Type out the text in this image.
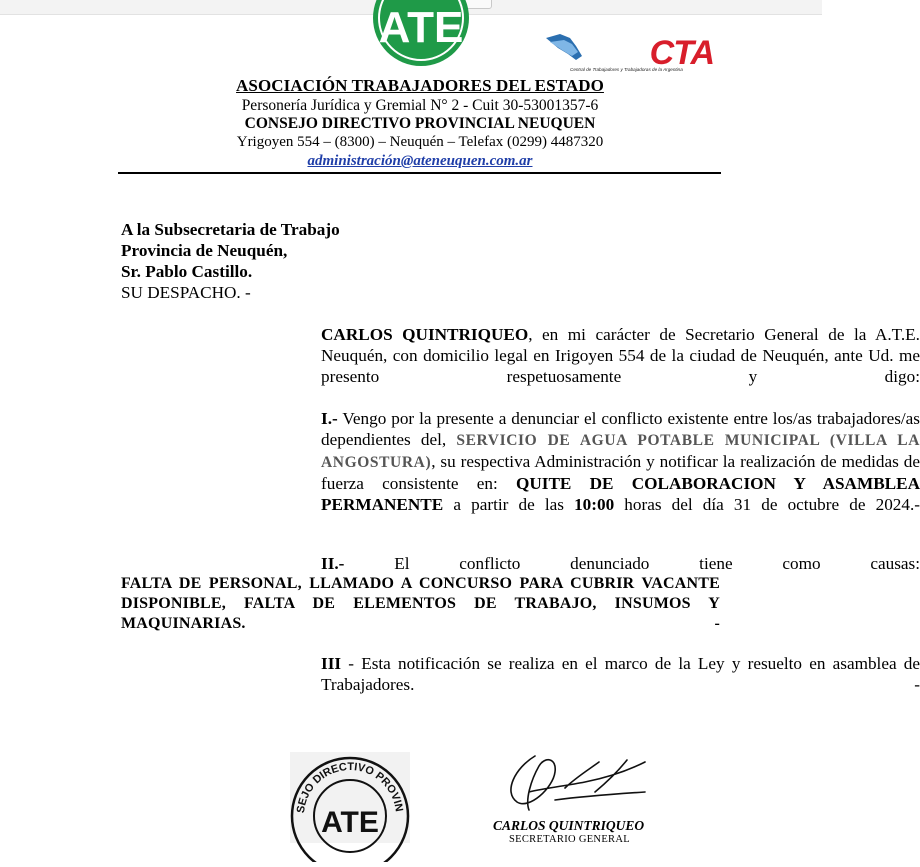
ATE
CTA
Central de Trabajadores y Trabajadoras de la Argentina
ASOCIACIÓN TRABAJADORES DEL ESTADO
Personería Jurídica y Gremial N° 2 - Cuit 30-53001357-6
CONSEJO DIRECTIVO PROVINCIAL NEUQUEN
Yrigoyen 554 – (8300) – Neuquén – Telefax (0299) 4487320
administración@ateneuquen.com.ar
A la Subsecretaria de Trabajo
Provincia de Neuquén,
Sr. Pablo Castillo.
SU DESPACHO. -
CARLOS QUINTRIQUEO, en mi carácter de Secretario General de la A.T.E. Neuquén, con domicilio legal en Irigoyen 554 de la ciudad de Neuquén, ante Ud. me presento respetuosamente y digo:
I.- Vengo por la presente a denunciar el conflicto existente entre los/as trabajadores/as dependientes del, SERVICIO DE AGUA POTABLE MUNICIPAL (VILLA LA ANGOSTURA), su respectiva Administración y notificar la realización de medidas de fuerza consistente en: QUITE DE COLABORACION Y ASAMBLEA PERMANENTE a partir de las 10:00 horas del día 31 de octubre de 2024.-
II.- El conflicto denunciado tiene como causas:
FALTA DE PERSONAL, LLAMADO A CONCURSO PARA CUBRIR VACANTE DISPONIBLE, FALTA DE ELEMENTOS DE TRABAJO, INSUMOS Y MAQUINARIAS. -
III - Esta notificación se realiza en el marco de la Ley y resuelto en asamblea de Trabajadores. -
SEJO DIRECTIVO PROVIN
ATE	CARLOS QUINTRIQUEO
SECRETARIO GENERAL
